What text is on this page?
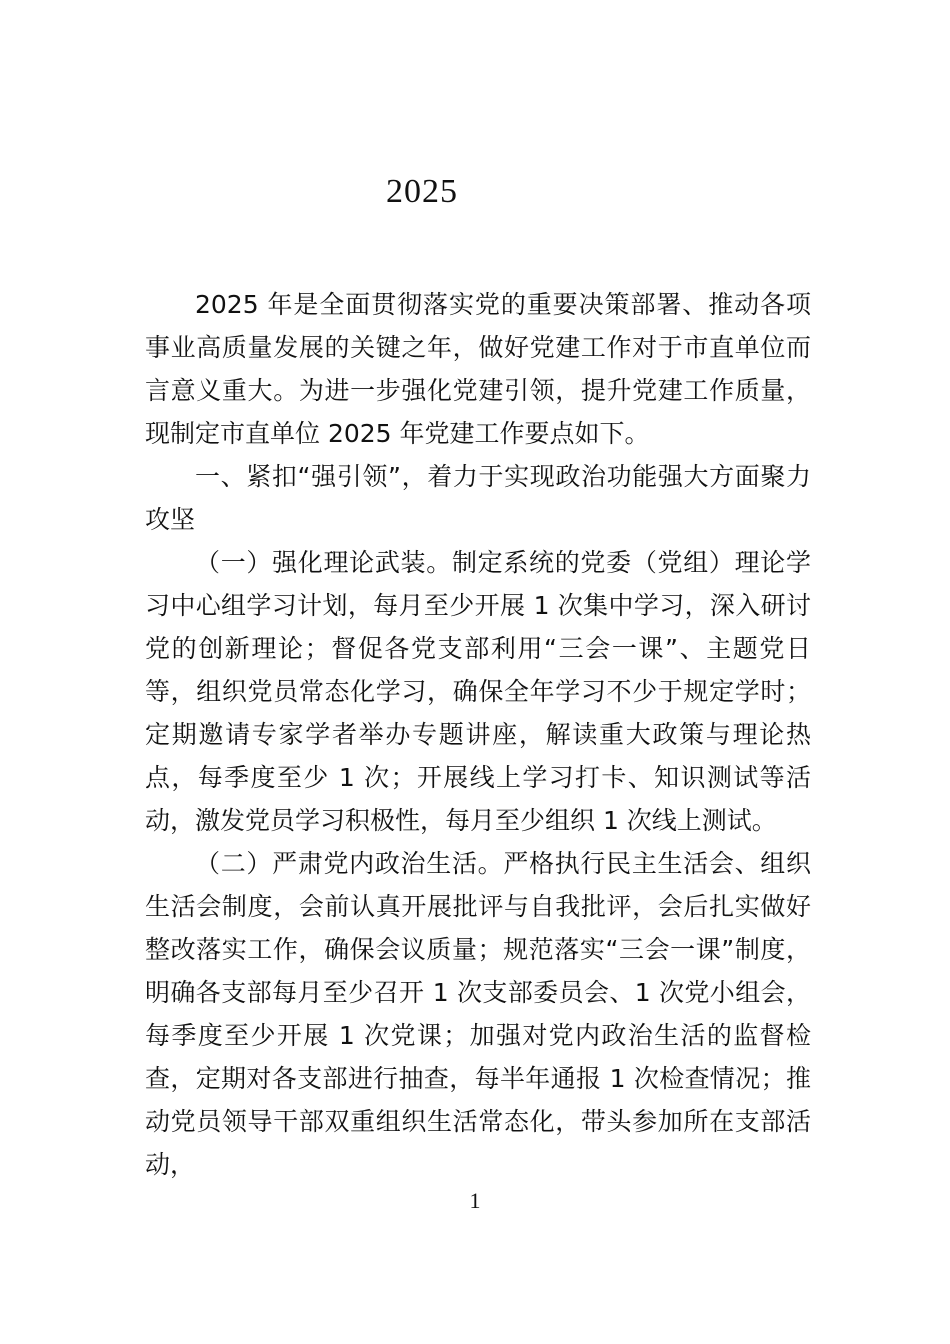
2025

2025 年是全面贯彻落实党的重要决策部署、推动各项事业高质量发展的关键之年，做好党建工作对于市直单位而言意义重大。为进一步强化党建引领，提升党建工作质量，现制定市直单位 2025 年党建工作要点如下。

一、紧扣“强引领”，着力于实现政治功能强大方面聚力攻坚

（一）强化理论武装。制定系统的党委（党组）理论学习中心组学习计划，每月至少开展 1 次集中学习，深入研讨党的创新理论；督促各党支部利用“三会一课”、主题党日等，组织党员常态化学习，确保全年学习不少于规定学时；定期邀请专家学者举办专题讲座，解读重大政策与理论热点，每季度至少 1 次；开展线上学习打卡、知识测试等活动，激发党员学习积极性，每月至少组织 1 次线上测试。

（二）严肃党内政治生活。严格执行民主生活会、组织生活会制度，会前认真开展批评与自我批评，会后扎实做好整改落实工作，确保会议质量；规范落实“三会一课”制度，明确各支部每月至少召开 1 次支部委员会、1 次党小组会，每季度至少开展 1 次党课；加强对党内政治生活的监督检查，定期对各支部进行抽查，每半年通报 1 次检查情况；推动党员领导干部双重组织生活常态化，带头参加所在支部活动，

1
